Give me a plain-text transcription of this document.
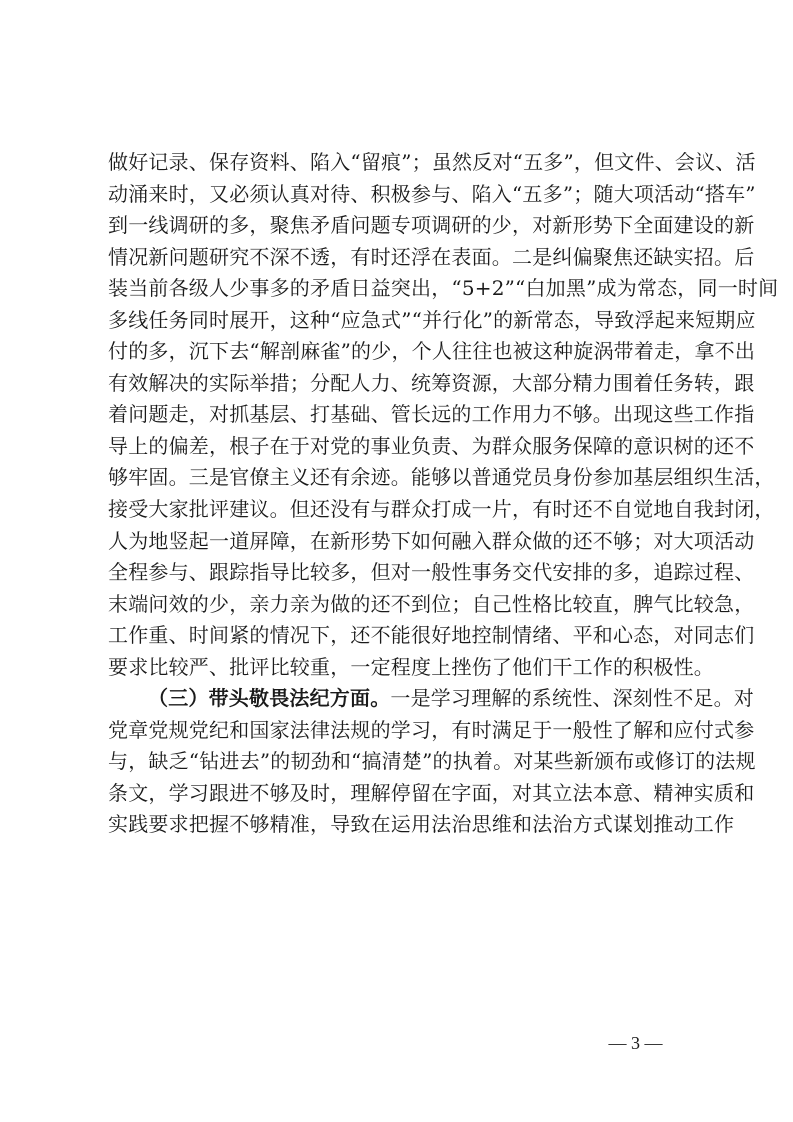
做好记录、保存资料、陷入“留痕”；虽然反对“五多”，但文件、会议、活
动涌来时，又必须认真对待、积极参与、陷入“五多”；随大项活动“搭车”
到一线调研的多，聚焦矛盾问题专项调研的少，对新形势下全面建设的新
情况新问题研究不深不透，有时还浮在表面。二是纠偏聚焦还缺实招。后
装当前各级人少事多的矛盾日益突出，“5+2”“白加黑”成为常态，同一时间
多线任务同时展开，这种“应急式”“并行化”的新常态，导致浮起来短期应
付的多，沉下去“解剖麻雀”的少，个人往往也被这种旋涡带着走，拿不出
有效解决的实际举措；分配人力、统筹资源，大部分精力围着任务转，跟
着问题走，对抓基层、打基础、管长远的工作用力不够。出现这些工作指
导上的偏差，根子在于对党的事业负责、为群众服务保障的意识树的还不
够牢固。三是官僚主义还有余迹。能够以普通党员身份参加基层组织生活，
接受大家批评建议。但还没有与群众打成一片，有时还不自觉地自我封闭，
人为地竖起一道屏障，在新形势下如何融入群众做的还不够；对大项活动
全程参与、跟踪指导比较多，但对一般性事务交代安排的多，追踪过程、
末端问效的少，亲力亲为做的还不到位；自己性格比较直，脾气比较急，
工作重、时间紧的情况下，还不能很好地控制情绪、平和心态，对同志们
要求比较严、批评比较重，一定程度上挫伤了他们干工作的积极性。
（三）带头敬畏法纪方面。一是学习理解的系统性、深刻性不足。对
党章党规党纪和国家法律法规的学习，有时满足于一般性了解和应付式参
与，缺乏“钻进去”的韧劲和“搞清楚”的执着。对某些新颁布或修订的法规
条文，学习跟进不够及时，理解停留在字面，对其立法本意、精神实质和
实践要求把握不够精准，导致在运用法治思维和法治方式谋划推动工作
— 3 —
